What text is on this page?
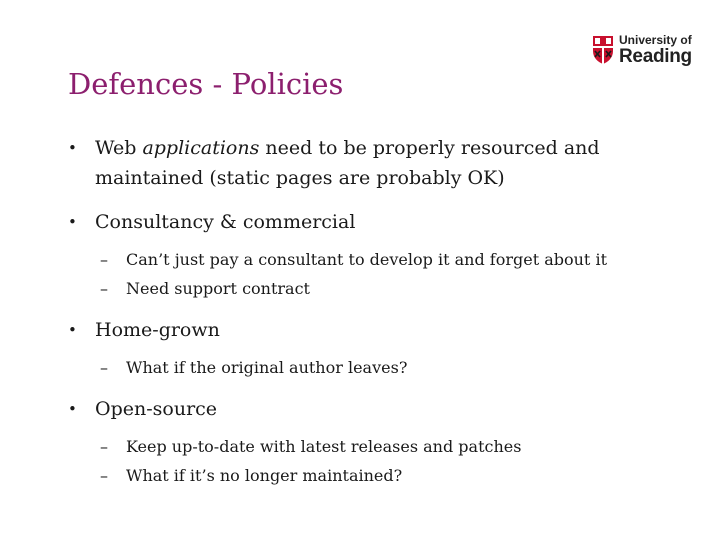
University of
Reading
Defences - Policies
• Web applications need to be properly resourced and
maintained (static pages are probably OK)
• Consultancy & commercial
– Can’t just pay a consultant to develop it and forget about it
– Need support contract
• Home-grown
– What if the original author leaves?
• Open-source
– Keep up-to-date with latest releases and patches
– What if it’s no longer maintained?
